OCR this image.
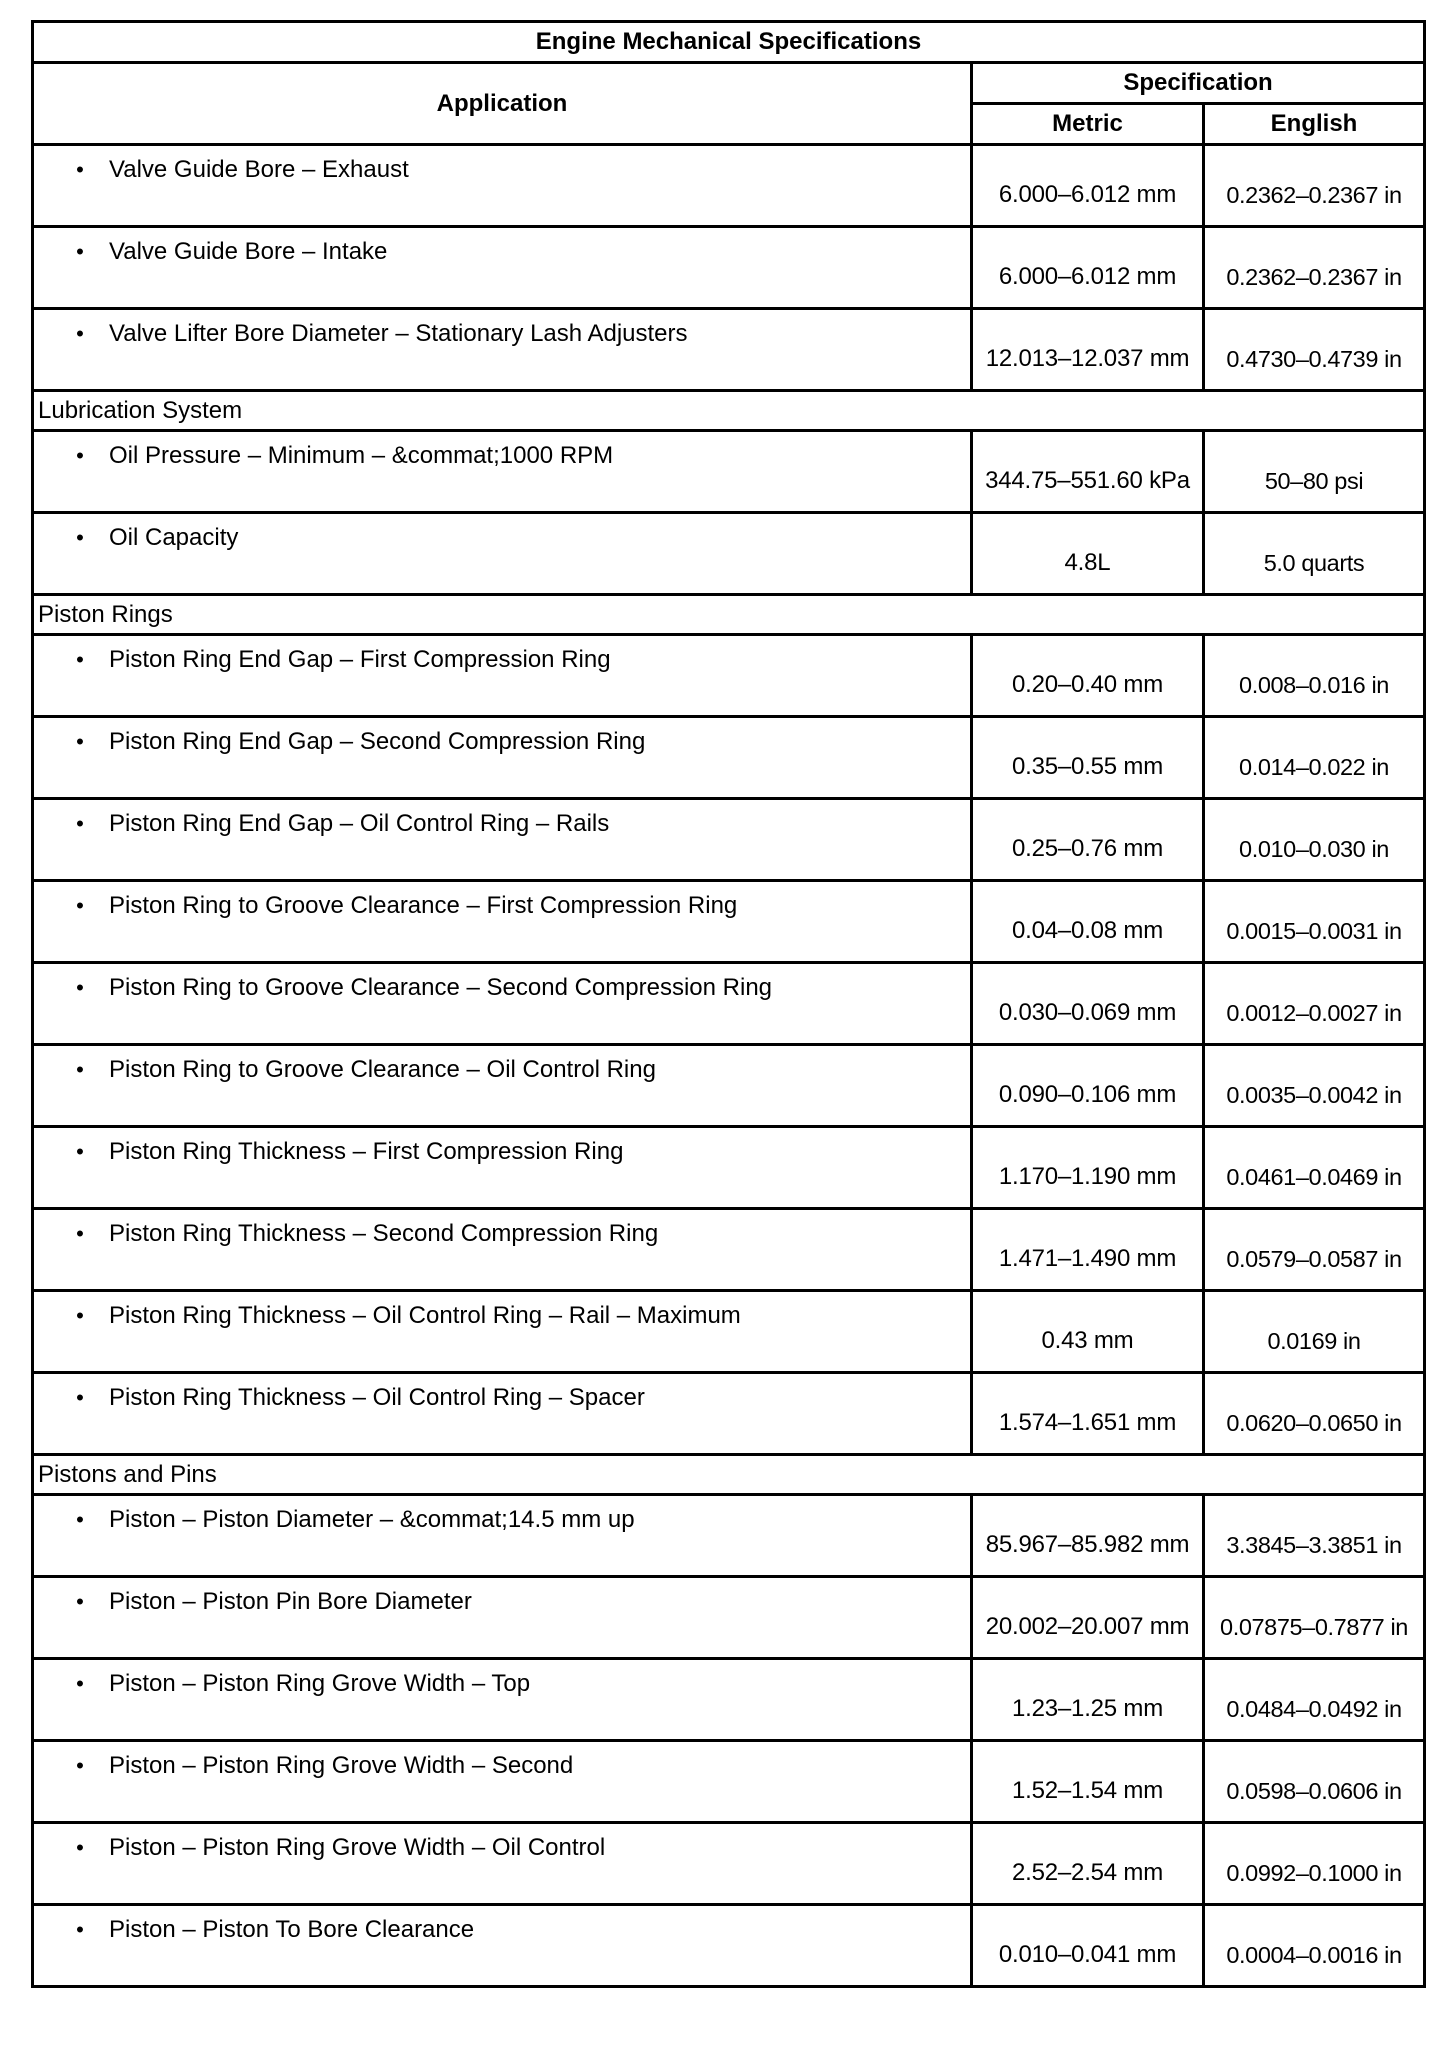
Engine Mechanical Specifications		
Application	Specification	
	Metric	English
• Valve Guide Bore – Exhaust	6.000–6.012 mm	0.2362–0.2367 in
• Valve Guide Bore – Intake	6.000–6.012 mm	0.2362–0.2367 in
• Valve Lifter Bore Diameter – Stationary Lash Adjusters	12.013–12.037 mm	0.4730–0.4739 in
Lubrication System		
• Oil Pressure – Minimum – &commat;1000 RPM	344.75–551.60 kPa	50–80 psi
• Oil Capacity	4.8L	5.0 quarts
Piston Rings		
• Piston Ring End Gap – First Compression Ring	0.20–0.40 mm	0.008–0.016 in
• Piston Ring End Gap – Second Compression Ring	0.35–0.55 mm	0.014–0.022 in
• Piston Ring End Gap – Oil Control Ring – Rails	0.25–0.76 mm	0.010–0.030 in
• Piston Ring to Groove Clearance – First Compression Ring	0.04–0.08 mm	0.0015–0.0031 in
• Piston Ring to Groove Clearance – Second Compression Ring	0.030–0.069 mm	0.0012–0.0027 in
• Piston Ring to Groove Clearance – Oil Control Ring	0.090–0.106 mm	0.0035–0.0042 in
• Piston Ring Thickness – First Compression Ring	1.170–1.190 mm	0.0461–0.0469 in
• Piston Ring Thickness – Second Compression Ring	1.471–1.490 mm	0.0579–0.0587 in
• Piston Ring Thickness – Oil Control Ring – Rail – Maximum	0.43 mm	0.0169 in
• Piston Ring Thickness – Oil Control Ring – Spacer	1.574–1.651 mm	0.0620–0.0650 in
Pistons and Pins		
• Piston – Piston Diameter – &commat;14.5 mm up	85.967–85.982 mm	3.3845–3.3851 in
• Piston – Piston Pin Bore Diameter	20.002–20.007 mm	0.07875–0.7877 in
• Piston – Piston Ring Grove Width – Top	1.23–1.25 mm	0.0484–0.0492 in
• Piston – Piston Ring Grove Width – Second	1.52–1.54 mm	0.0598–0.0606 in
• Piston – Piston Ring Grove Width – Oil Control	2.52–2.54 mm	0.0992–0.1000 in
• Piston – Piston To Bore Clearance	0.010–0.041 mm	0.0004–0.0016 in
